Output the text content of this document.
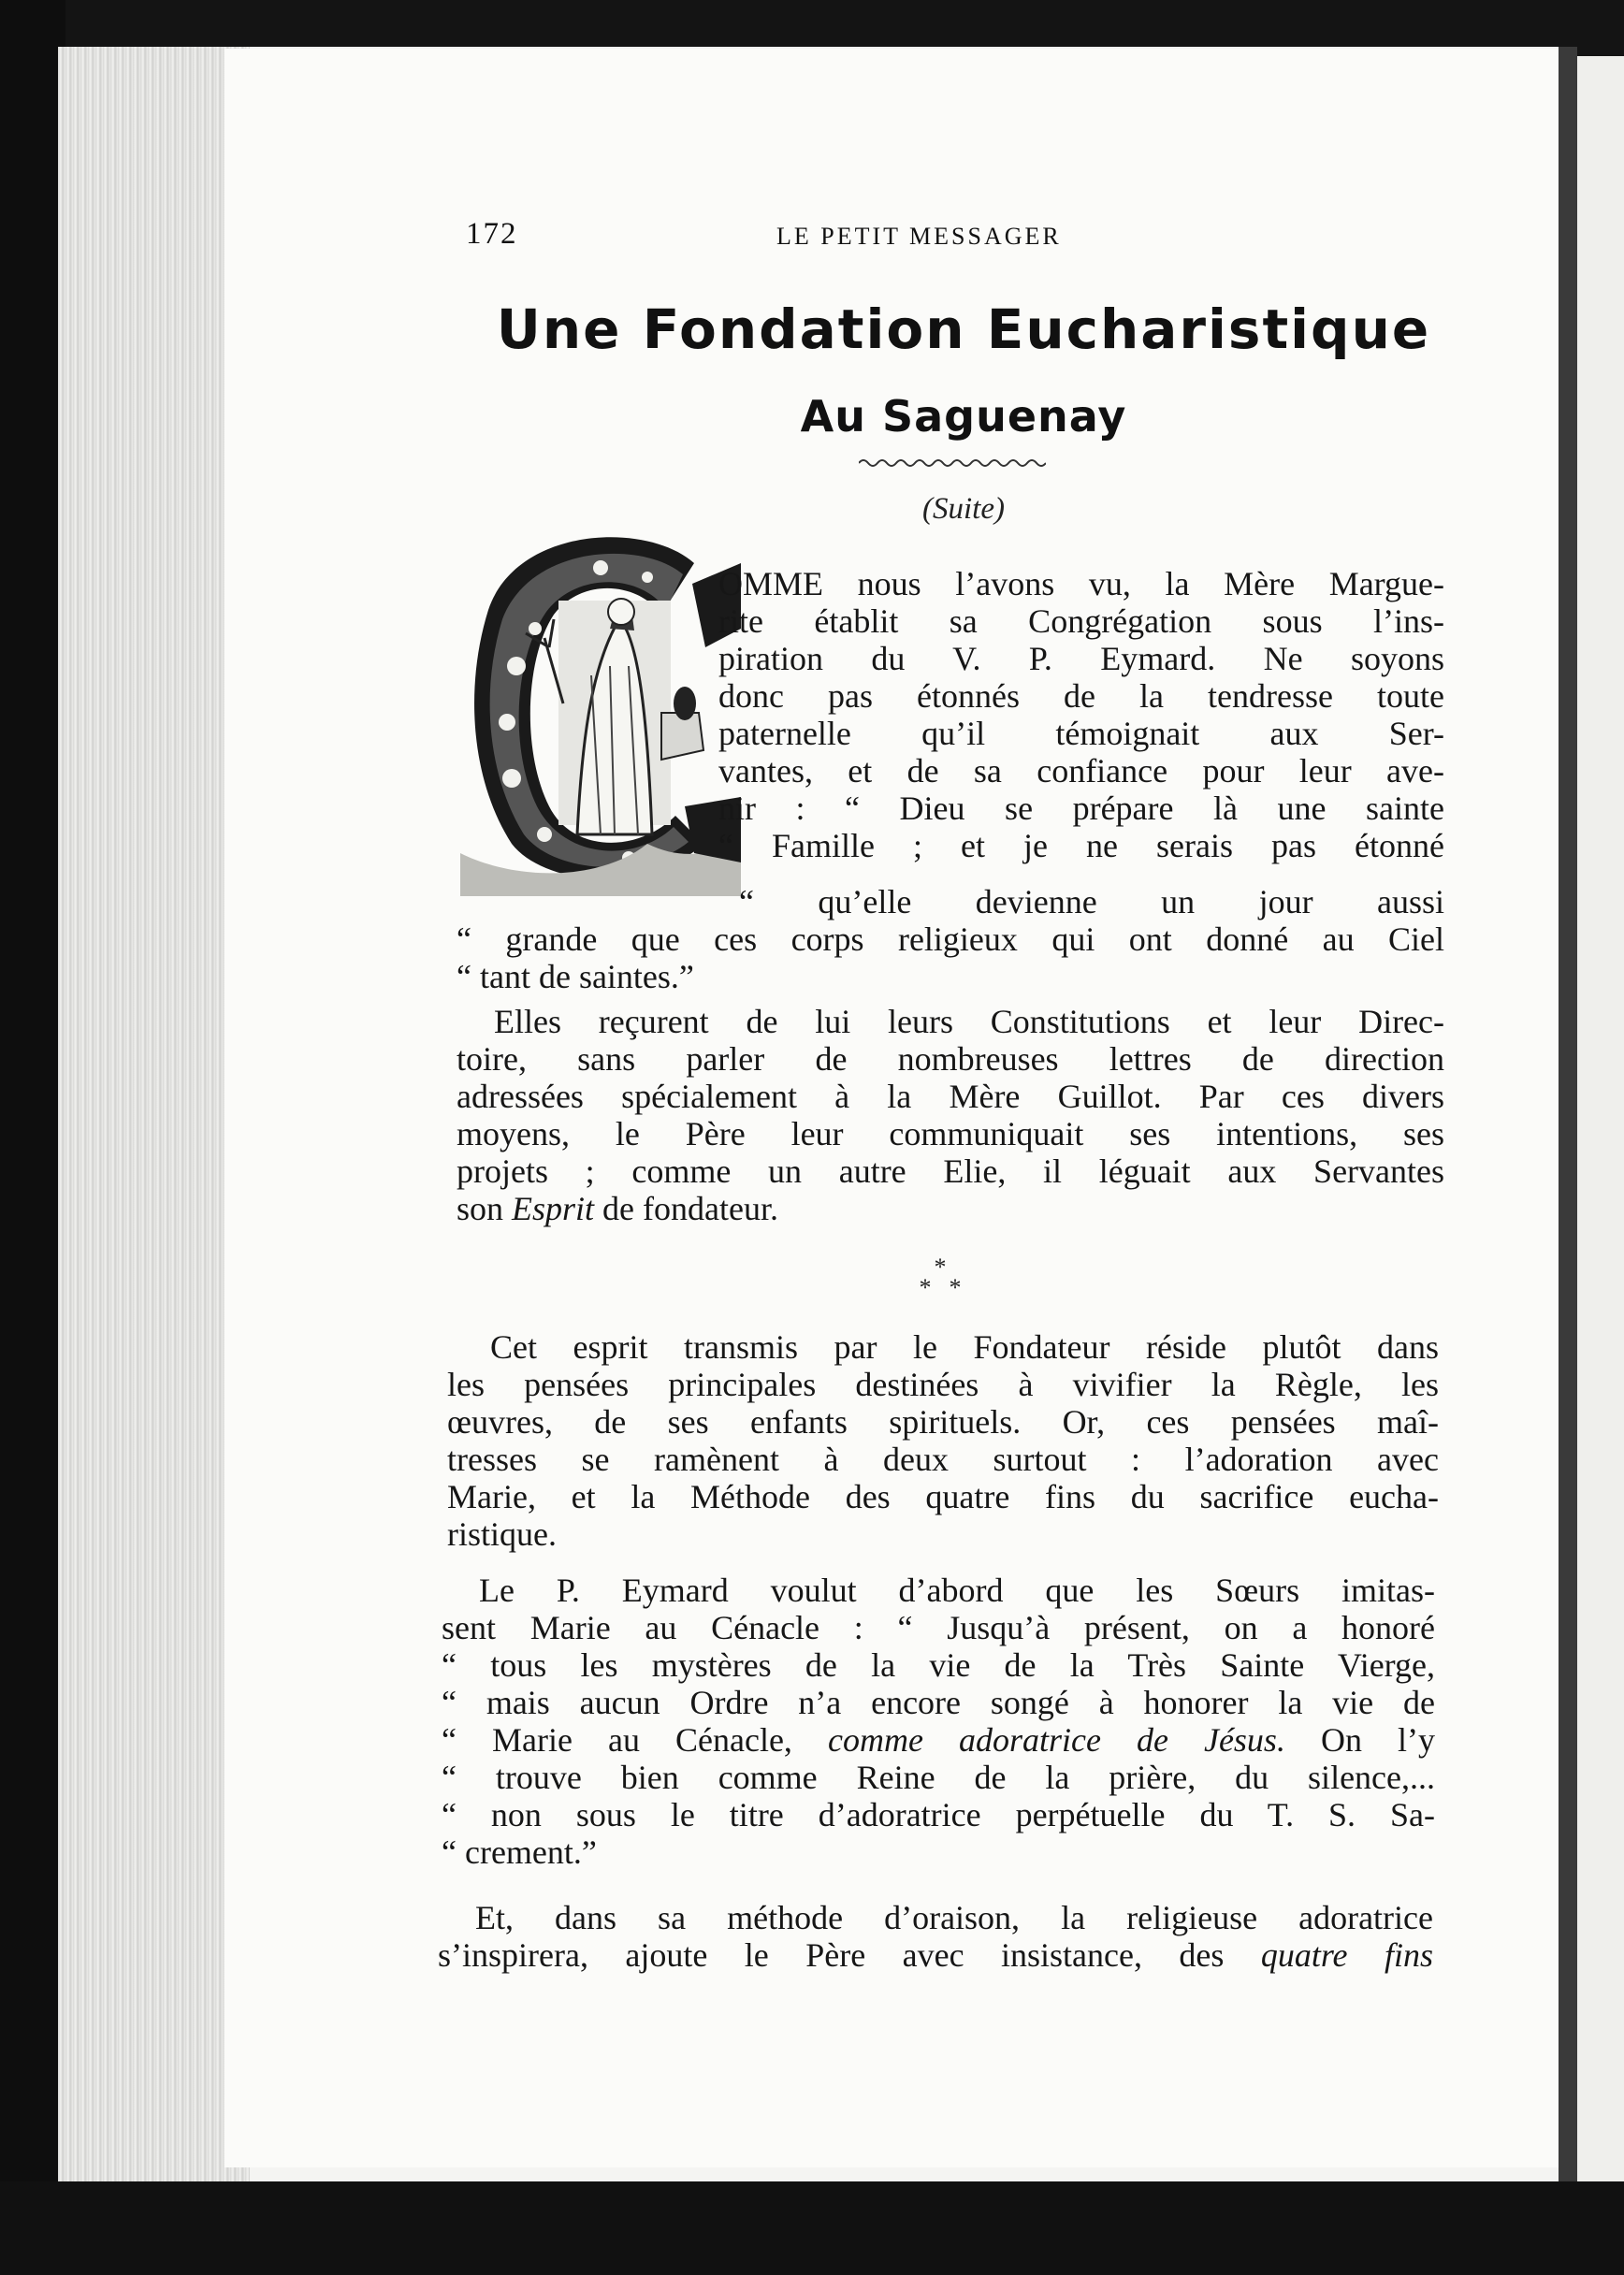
172	LE PETIT MESSAGER
Une Fondation Eucharistique
Au Saguenay
(Suite)
OMME nous l’avons vu, la Mère Margue-
rite établit sa Congrégation sous l’ins-
piration du V. P. Eymard. Ne soyons
donc pas étonnés de la tendresse toute
paternelle qu’il témoignait aux Ser-
vantes, et de sa confiance pour leur ave-
nir : “ Dieu se prépare là une sainte
“ Famille ; et je ne serais pas étonné
“ qu’elle devienne un jour aussi
“ grande que ces corps religieux qui ont donné au Ciel
“ tant de saintes.”
Elles reçurent de lui leurs Constitutions et leur Direc-
toire, sans parler de nombreuses lettres de direction
adressées spécialement à la Mère Guillot. Par ces divers
moyens, le Père leur communiquait ses intentions, ses
projets ; comme un autre Elie, il léguait aux Servantes
son Esprit de fondateur.
*
* *
Cet esprit transmis par le Fondateur réside plutôt dans
les pensées principales destinées à vivifier la Règle, les
œuvres, de ses enfants spirituels. Or, ces pensées maî-
tresses se ramènent à deux surtout : l’adoration avec
Marie, et la Méthode des quatre fins du sacrifice eucha-
ristique.
Le P. Eymard voulut d’abord que les Sœurs imitas-
sent Marie au Cénacle : “ Jusqu’à présent, on a honoré
“ tous les mystères de la vie de la Très Sainte Vierge,
“ mais aucun Ordre n’a encore songé à honorer la vie de
“ Marie au Cénacle, comme adoratrice de Jésus. On l’y
“ trouve bien comme Reine de la prière, du silence,...
“ non sous le titre d’adoratrice perpétuelle du T. S. Sa-
“ crement.”
Et, dans sa méthode d’oraison, la religieuse adoratrice
s’inspirera, ajoute le Père avec insistance, des quatre fins
